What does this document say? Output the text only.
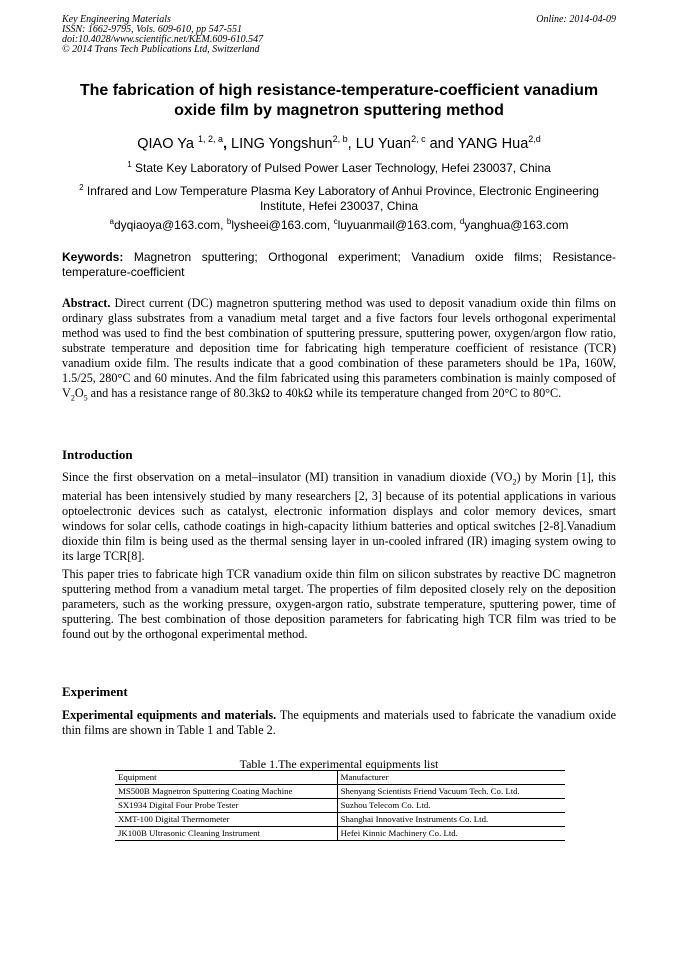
Key Engineering Materials
ISSN: 1662-9795, Vols. 609-610, pp 547-551
doi:10.4028/www.scientific.net/KEM.609-610.547
© 2014 Trans Tech Publications Ltd, Switzerland
Online: 2014-04-09
The fabrication of high resistance-temperature-coefficient vanadium
oxide film by magnetron sputtering method
QIAO Ya $^{1, 2, a}$, LING Yongshun$^{2, b}$, LU Yuan$^{2, c}$ and YANG Hua$^{2,d}$
$^1$ State Key Laboratory of Pulsed Power Laser Technology, Hefei 230037, China
$^2$ Infrared and Low Temperature Plasma Key Laboratory of Anhui Province, Electronic Engineering
Institute, Hefei 230037, China
$^a$dyqiaoya@163.com, $^b$lysheei@163.com, $^c$luyuanmail@163.com, $^d$yanghua@163.com
Keywords: Magnetron sputtering; Orthogonal experiment; Vanadium oxide films; Resistance-temperature-coefficient
Abstract. Direct current (DC) magnetron sputtering method was used to deposit vanadium oxide thin films on ordinary glass substrates from a vanadium metal target and a five factors four levels orthogonal experimental method was used to find the best combination of sputtering pressure, sputtering power, oxygen/argon flow ratio, substrate temperature and deposition time for fabricating high temperature coefficient of resistance (TCR) vanadium oxide film. The results indicate that a good combination of these parameters should be 1Pa, 160W, 1.5/25, 280°C and 60 minutes. And the film fabricated using this parameters combination is mainly composed of $V_2O_5$ and has a resistance range of 80.3kΩ to 40kΩ while its temperature changed from 20°C to 80°C.
Introduction
Since the first observation on a metal–insulator (MI) transition in vanadium dioxide $(VO_2)$ by Morin [1], this material has been intensively studied by many researchers [2, 3] because of its potential applications in various optoelectronic devices such as catalyst, electronic information displays and color memory devices, smart windows for solar cells, cathode coatings in high-capacity lithium batteries and optical switches [2-8].Vanadium dioxide thin film is being used as the thermal sensing layer in un-cooled infrared (IR) imaging system owing to its large TCR[8].
This paper tries to fabricate high TCR vanadium oxide thin film on silicon substrates by reactive DC magnetron sputtering method from a vanadium metal target. The properties of film deposited closely rely on the deposition parameters, such as the working pressure, oxygen-argon ratio, substrate temperature, sputtering power, time of sputtering. The best combination of those deposition parameters for fabricating high TCR film was tried to be found out by the orthogonal experimental method.
Experiment
Experimental equipments and materials. The equipments and materials used to fabricate the vanadium oxide thin films are shown in Table 1 and Table 2.
Table 1.The experimental equipments list
Equipment	Manufacturer
MS500B Magnetron Sputtering Coating Machine	Shenyang Scientists Friend Vacuum Tech. Co. Ltd.
SX1934 Digital Four Probe Tester	Suzhou Telecom Co. Ltd.
XMT-100 Digital Thermometer	Shanghai Innovative Instruments Co. Ltd.
JK100B Ultrasonic Cleaning Instrument	Hefei Kinnic Machinery Co. Ltd.
